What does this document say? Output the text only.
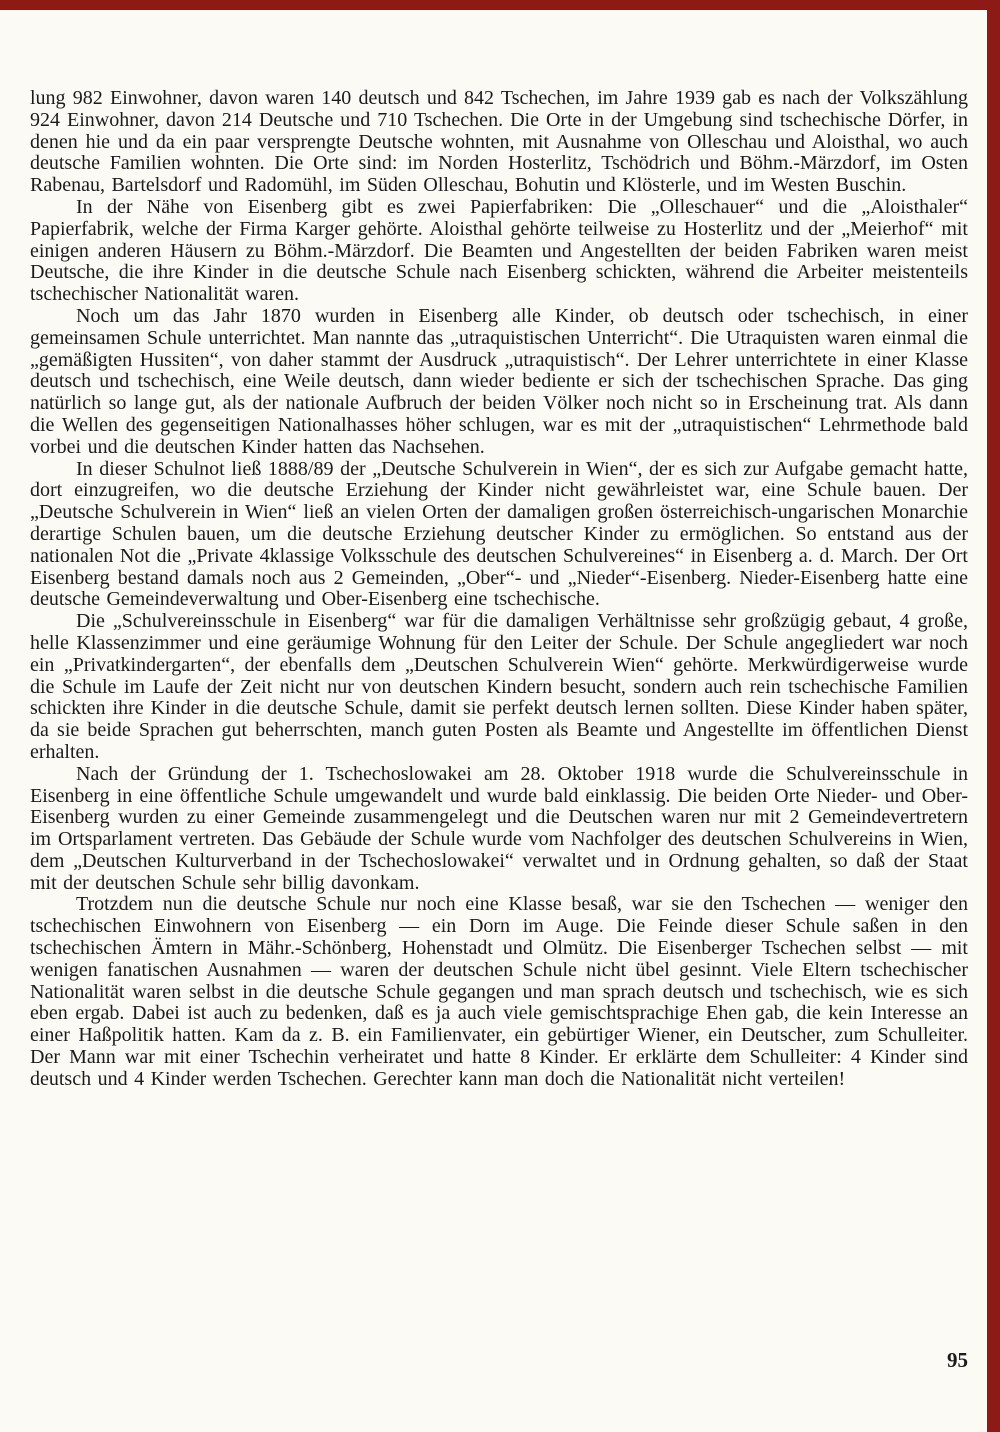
lung 982 Einwohner, davon waren 140 deutsch und 842 Tschechen, im Jahre 1939 gab es nach der Volkszählung 924 Einwohner, davon 214 Deutsche und 710 Tschechen. Die Orte in der Umgebung sind tschechische Dörfer, in denen hie und da ein paar versprengte Deutsche wohnten, mit Ausnahme von Olleschau und Aloisthal, wo auch deutsche Familien wohnten. Die Orte sind: im Norden Hosterlitz, Tschödrich und Böhm.-Märzdorf, im Osten Rabenau, Bartelsdorf und Radomühl, im Süden Olleschau, Bohutin und Klösterle, und im Westen Buschin.

In der Nähe von Eisenberg gibt es zwei Papierfabriken: Die „Olleschauer“ und die „Aloisthaler“ Papierfabrik, welche der Firma Karger gehörte. Aloisthal gehörte teilweise zu Hosterlitz und der „Meierhof“ mit einigen anderen Häusern zu Böhm.-Märzdorf. Die Beamten und Angestellten der beiden Fabriken waren meist Deutsche, die ihre Kinder in die deutsche Schule nach Eisenberg schickten, während die Arbeiter meistenteils tschechischer Nationalität waren.

Noch um das Jahr 1870 wurden in Eisenberg alle Kinder, ob deutsch oder tschechisch, in einer gemeinsamen Schule unterrichtet. Man nannte das „utraquistischen Unterricht“. Die Utraquisten waren einmal die „gemäßigten Hussiten“, von daher stammt der Ausdruck „utraquistisch“. Der Lehrer unterrichtete in einer Klasse deutsch und tschechisch, eine Weile deutsch, dann wieder bediente er sich der tschechischen Sprache. Das ging natürlich so lange gut, als der nationale Aufbruch der beiden Völker noch nicht so in Erscheinung trat. Als dann die Wellen des gegenseitigen Nationalhasses höher schlugen, war es mit der „utraquistischen“ Lehrmethode bald vorbei und die deutschen Kinder hatten das Nachsehen.

In dieser Schulnot ließ 1888/89 der „Deutsche Schulverein in Wien“, der es sich zur Aufgabe gemacht hatte, dort einzugreifen, wo die deutsche Erziehung der Kinder nicht gewährleistet war, eine Schule bauen. Der „Deutsche Schulverein in Wien“ ließ an vielen Orten der damaligen großen österreichisch-ungarischen Monarchie derartige Schulen bauen, um die deutsche Erziehung deutscher Kinder zu ermöglichen. So entstand aus der nationalen Not die „Private 4klassige Volksschule des deutschen Schulvereines“ in Eisenberg a. d. March. Der Ort Eisenberg bestand damals noch aus 2 Gemeinden, „Ober“- und „Nieder“-Eisenberg. Nieder-Eisenberg hatte eine deutsche Gemeindeverwaltung und Ober-Eisenberg eine tschechische.

Die „Schulvereinsschule in Eisenberg“ war für die damaligen Verhältnisse sehr großzügig gebaut, 4 große, helle Klassenzimmer und eine geräumige Wohnung für den Leiter der Schule. Der Schule angegliedert war noch ein „Privatkindergarten“, der ebenfalls dem „Deutschen Schulverein Wien“ gehörte. Merkwürdigerweise wurde die Schule im Laufe der Zeit nicht nur von deutschen Kindern besucht, sondern auch rein tschechische Familien schickten ihre Kinder in die deutsche Schule, damit sie perfekt deutsch lernen sollten. Diese Kinder haben später, da sie beide Sprachen gut beherrschten, manch guten Posten als Beamte und Angestellte im öffentlichen Dienst erhalten.

Nach der Gründung der 1. Tschechoslowakei am 28. Oktober 1918 wurde die Schulvereinsschule in Eisenberg in eine öffentliche Schule umgewandelt und wurde bald einklassig. Die beiden Orte Nieder- und Ober-Eisenberg wurden zu einer Gemeinde zusammengelegt und die Deutschen waren nur mit 2 Gemeindevertretern im Ortsparlament vertreten. Das Gebäude der Schule wurde vom Nachfolger des deutschen Schulvereins in Wien, dem „Deutschen Kulturverband in der Tschechoslowakei“ verwaltet und in Ordnung gehalten, so daß der Staat mit der deutschen Schule sehr billig davonkam.

Trotzdem nun die deutsche Schule nur noch eine Klasse besaß, war sie den Tschechen — weniger den tschechischen Einwohnern von Eisenberg — ein Dorn im Auge. Die Feinde dieser Schule saßen in den tschechischen Ämtern in Mähr.-Schönberg, Hohenstadt und Olmütz. Die Eisenberger Tschechen selbst — mit wenigen fanatischen Ausnahmen — waren der deutschen Schule nicht übel gesinnt. Viele Eltern tschechischer Nationalität waren selbst in die deutsche Schule gegangen und man sprach deutsch und tschechisch, wie es sich eben ergab. Dabei ist auch zu bedenken, daß es ja auch viele gemischtsprachige Ehen gab, die kein Interesse an einer Haßpolitik hatten. Kam da z. B. ein Familienvater, ein gebürtiger Wiener, ein Deutscher, zum Schulleiter. Der Mann war mit einer Tschechin verheiratet und hatte 8 Kinder. Er erklärte dem Schulleiter: 4 Kinder sind deutsch und 4 Kinder werden Tschechen. Gerechter kann man doch die Nationalität nicht verteilen!

95
